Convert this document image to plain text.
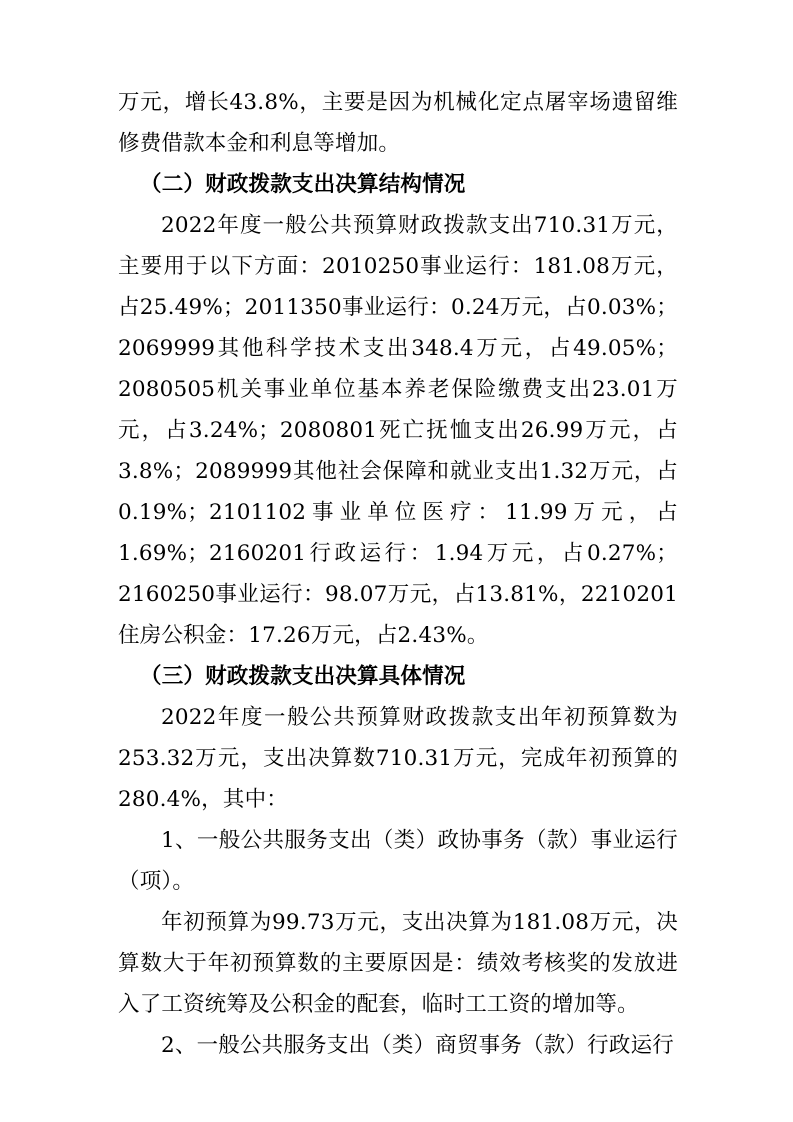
万元，增长43.8%，主要是因为机械化定点屠宰场遗留维修费借款本金和利息等增加。

（二）财政拨款支出决算结构情况

2022年度一般公共预算财政拨款支出710.31万元，主要用于以下方面：2010250事业运行：181.08万元，占25.49%；2011350事业运行：0.24万元，占0.03%；2069999其他科学技术支出348.4万元，占49.05%；2080505机关事业单位基本养老保险缴费支出23.01万元，占3.24%；2080801死亡抚恤支出26.99万元，占3.8%；2089999其他社会保障和就业支出1.32万元，占0.19%；2101102事业单位医疗：11.99万元，占1.69%；2160201行政运行：1.94万元，占0.27%；2160250事业运行：98.07万元，占13.81%，2210201住房公积金：17.26万元，占2.43%。

（三）财政拨款支出决算具体情况

2022年度一般公共预算财政拨款支出年初预算数为253.32万元，支出决算数710.31万元，完成年初预算的280.4%，其中：

1、一般公共服务支出（类）政协事务（款）事业运行（项）。

年初预算为99.73万元，支出决算为181.08万元，决算数大于年初预算数的主要原因是：绩效考核奖的发放进入了工资统筹及公积金的配套，临时工工资的增加等。

2、一般公共服务支出（类）商贸事务（款）行政运行
